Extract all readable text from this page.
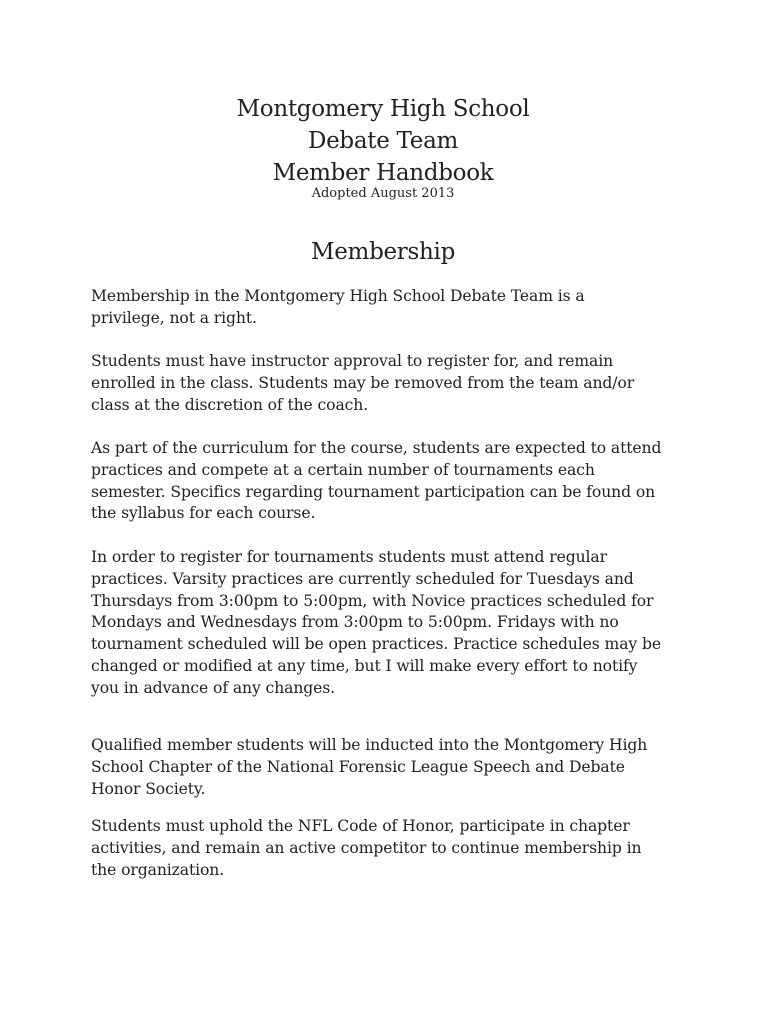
Montgomery High School
Debate Team
Member Handbook
Adopted August 2013
Membership

Membership in the Montgomery High School Debate Team is a
privilege, not a right.

Students must have instructor approval to register for, and remain
enrolled in the class. Students may be removed from the team and/or
class at the discretion of the coach.

As part of the curriculum for the course, students are expected to attend
practices and compete at a certain number of tournaments each
semester. Specifics regarding tournament participation can be found on
the syllabus for each course.

In order to register for tournaments students must attend regular
practices. Varsity practices are currently scheduled for Tuesdays and
Thursdays from 3:00pm to 5:00pm, with Novice practices scheduled for
Mondays and Wednesdays from 3:00pm to 5:00pm. Fridays with no
tournament scheduled will be open practices. Practice schedules may be
changed or modified at any time, but I will make every effort to notify
you in advance of any changes.

Qualified member students will be inducted into the Montgomery High
School Chapter of the National Forensic League Speech and Debate
Honor Society.

Students must uphold the NFL Code of Honor, participate in chapter
activities, and remain an active competitor to continue membership in
the organization.
